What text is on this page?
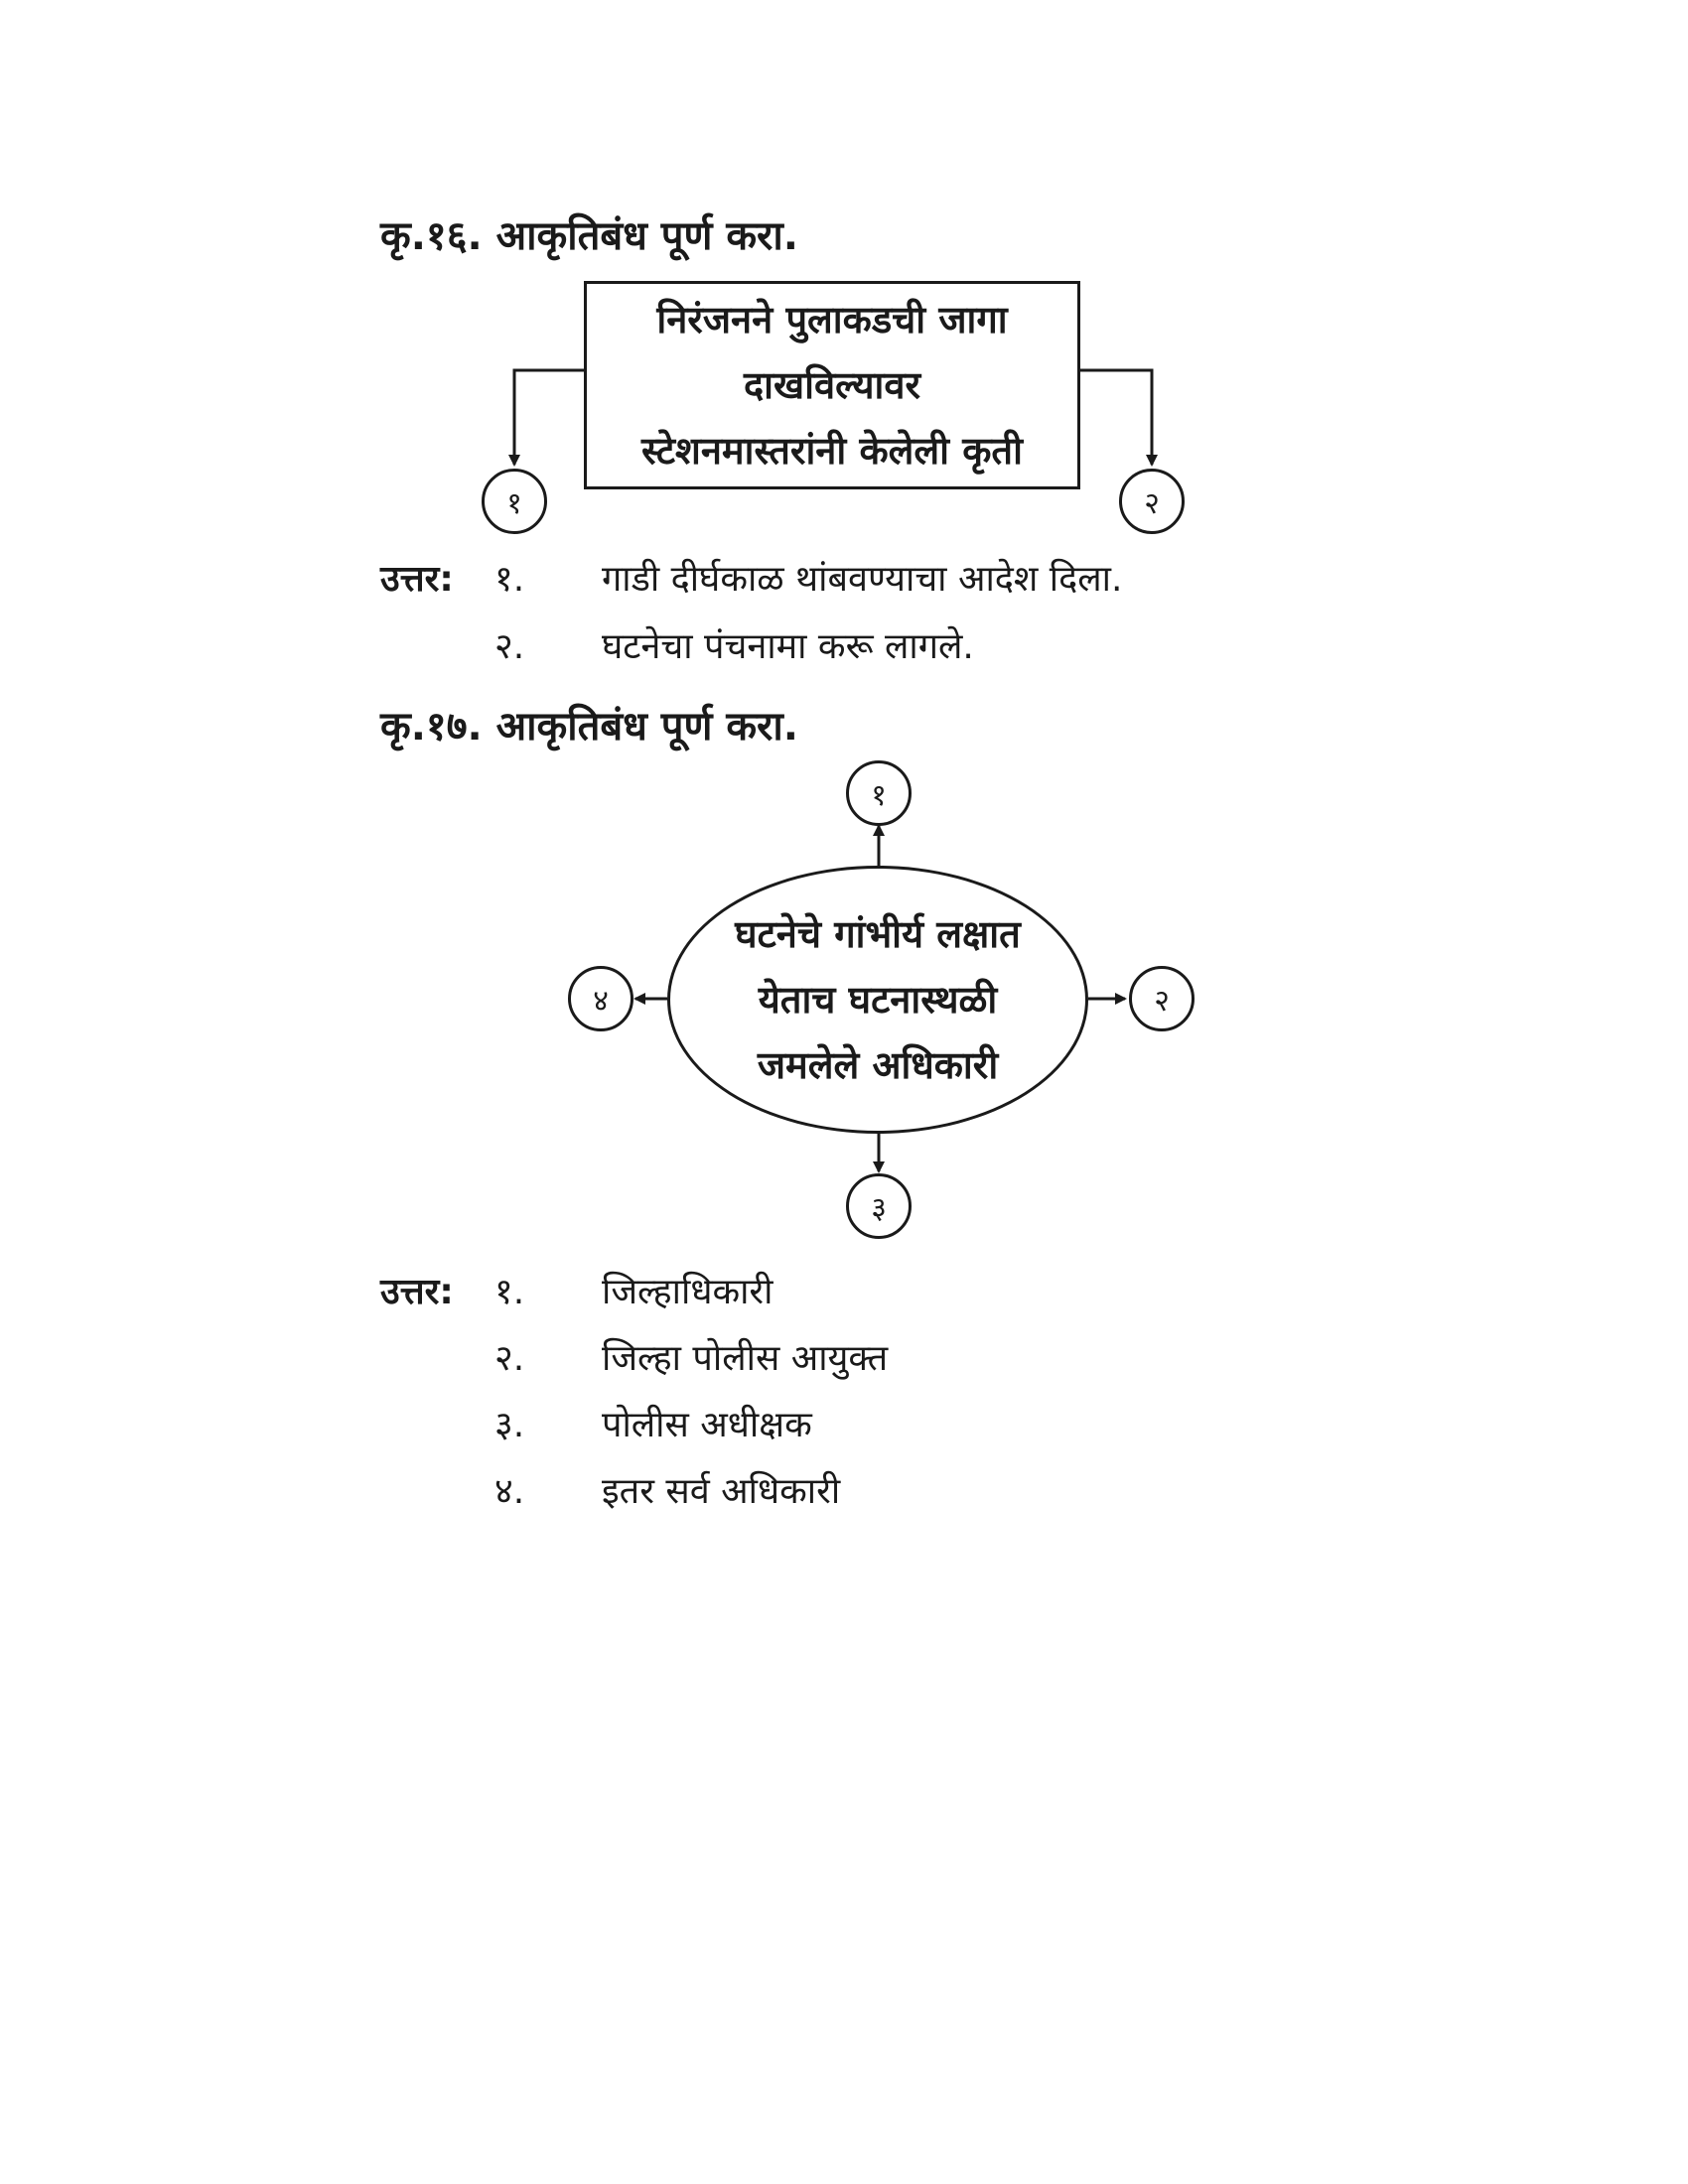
कृ.१६. आकृतिबंध पूर्ण करा.
निरंजनने पुलाकडची जागा
दाखविल्यावर
स्टेशनमास्तरांनी केलेली कृती
१	२
उत्तर: १. गाडी दीर्घकाळ थांबवण्याचा आदेश दिला.
२. घटनेचा पंचनामा करू लागले.
कृ.१७. आकृतिबंध पूर्ण करा.
घटनेचे गांभीर्य लक्षात
येताच घटनास्थळी
जमलेले अधिकारी
१
२
३
४
उत्तर: १. जिल्हाधिकारी
२. जिल्हा पोलीस आयुक्त
३. पोलीस अधीक्षक
४. इतर सर्व अधिकारी
